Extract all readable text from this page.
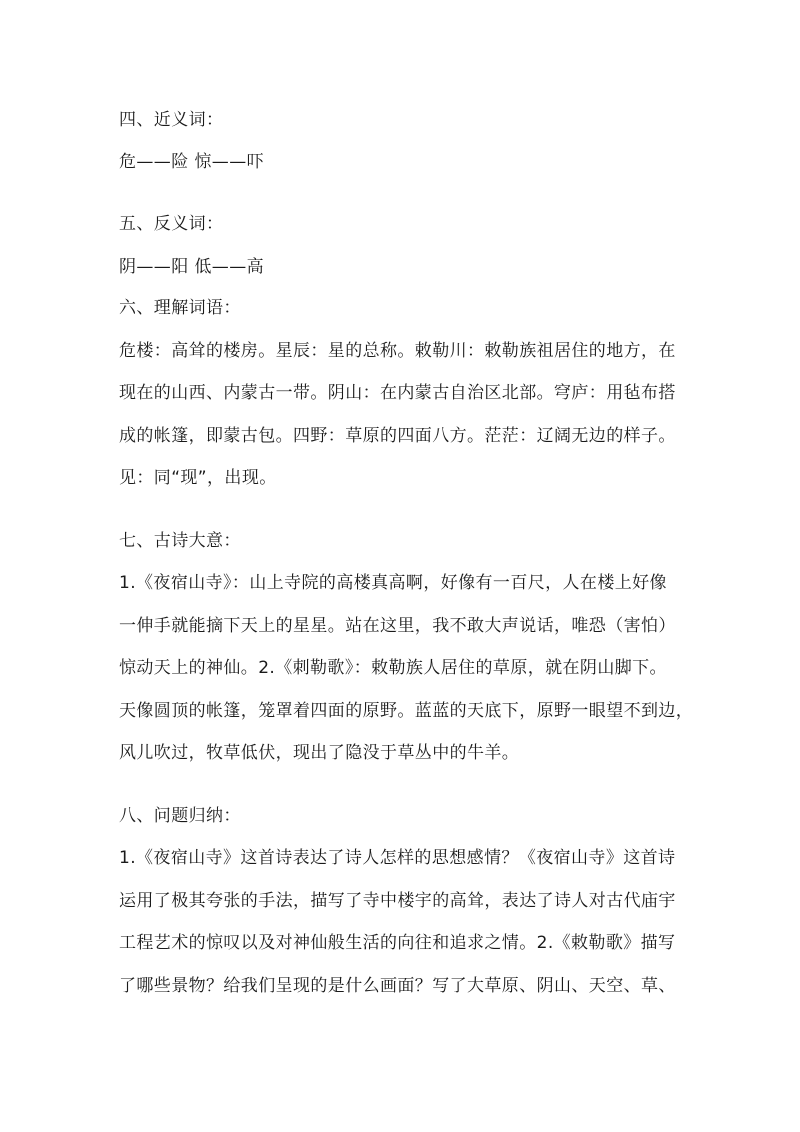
四、近义词：
危——险 惊——吓
五、反义词：
阴——阳 低——高
六、理解词语：
危楼：高耸的楼房。星辰：星的总称。敕勒川：敕勒族祖居住的地方，在
现在的山西、内蒙古一带。阴山：在内蒙古自治区北部。穹庐：用毡布搭
成的帐篷，即蒙古包。四野：草原的四面八方。茫茫：辽阔无边的样子。
见：同“现”，出现。
七、古诗大意：
1.《夜宿山寺》：山上寺院的高楼真高啊，好像有一百尺，人在楼上好像
一伸手就能摘下天上的星星。站在这里，我不敢大声说话，唯恐（害怕）
惊动天上的神仙。2.《刺勒歌》：敕勒族人居住的草原，就在阴山脚下。
天像圆顶的帐篷，笼罩着四面的原野。蓝蓝的天底下，原野一眼望不到边，
风儿吹过，牧草低伏，现出了隐没于草丛中的牛羊。
八、问题归纳：
1.《夜宿山寺》这首诗表达了诗人怎样的思想感情？《夜宿山寺》这首诗
运用了极其夸张的手法，描写了寺中楼宇的高耸，表达了诗人对古代庙宇
工程艺术的惊叹以及对神仙般生活的向往和追求之情。2.《敕勒歌》描写
了哪些景物？给我们呈现的是什么画面？写了大草原、阴山、天空、草、
